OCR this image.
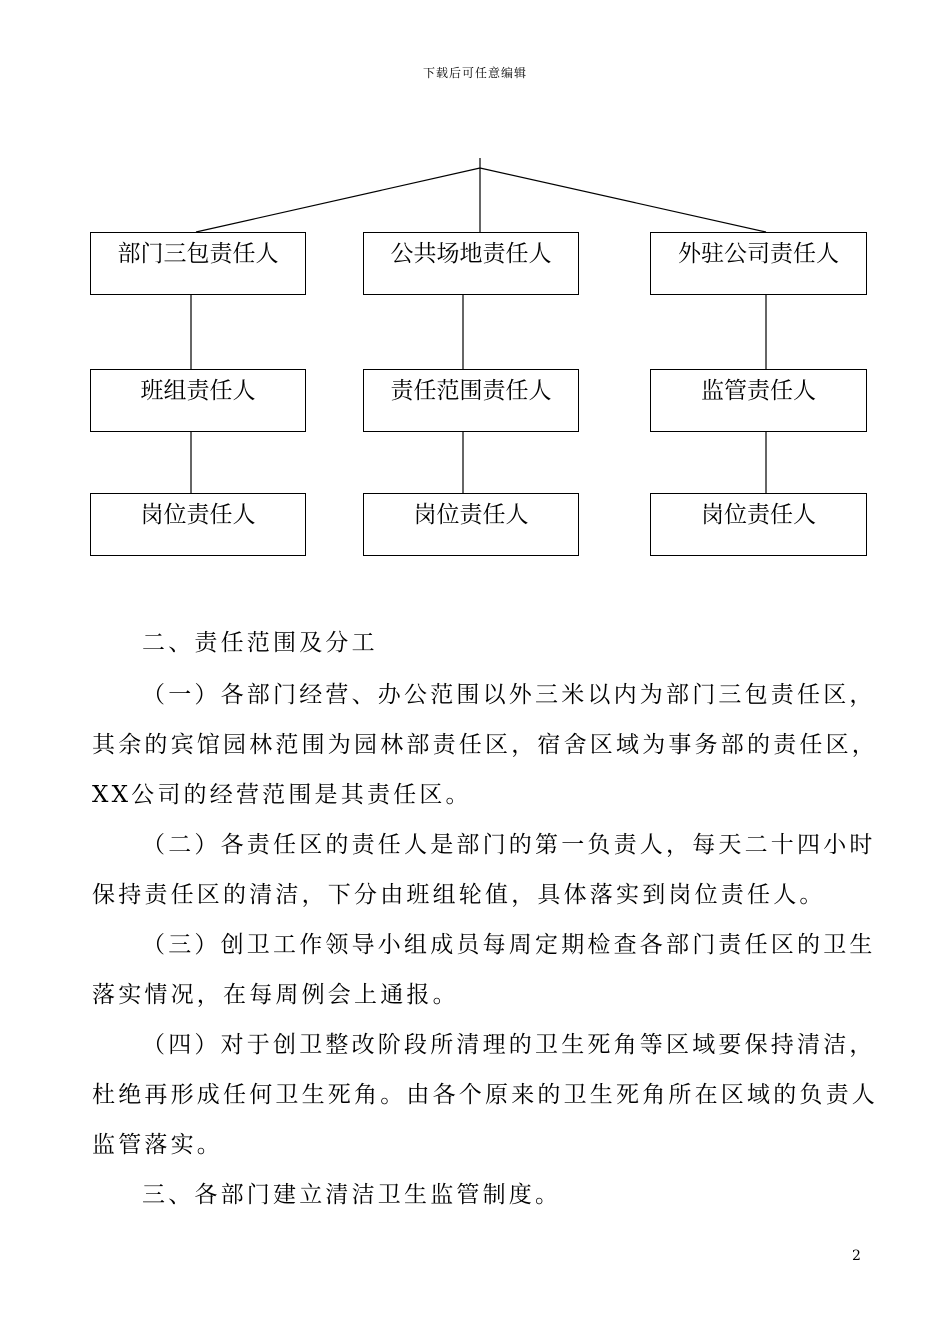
下载后可任意编辑
部门三包责任人
班组责任人
岗位责任人
公共场地责任人
责任范围责任人
岗位责任人
外驻公司责任人
监管责任人
岗位责任人
二、责任范围及分工
（一）各部门经营、办公范围以外三米以内为部门三包责任区，
其余的宾馆园林范围为园林部责任区，宿舍区域为事务部的责任区，
XX公司的经营范围是其责任区。
（二）各责任区的责任人是部门的第一负责人，每天二十四小时
保持责任区的清洁，下分由班组轮值，具体落实到岗位责任人。
（三）创卫工作领导小组成员每周定期检查各部门责任区的卫生
落实情况，在每周例会上通报。
（四）对于创卫整改阶段所清理的卫生死角等区域要保持清洁，
杜绝再形成任何卫生死角。由各个原来的卫生死角所在区域的负责人
监管落实。
三、各部门建立清洁卫生监管制度。
2
